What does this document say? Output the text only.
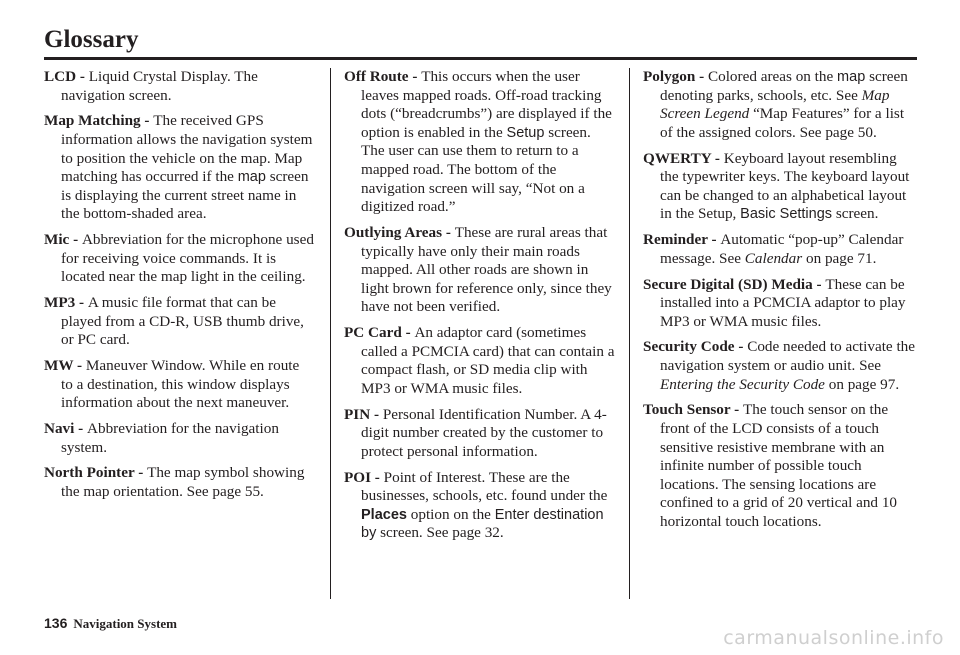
Glossary

LCD - Liquid Crystal Display. The navigation screen.

Map Matching - The received GPS information allows the navigation system to position the vehicle on the map. Map matching has occurred if the map screen is displaying the current street name in the bottom-shaded area.

Mic - Abbreviation for the microphone used for receiving voice commands. It is located near the map light in the ceiling.

MP3 - A music file format that can be played from a CD-R, USB thumb drive, or PC card.

MW - Maneuver Window. While en route to a destination, this window displays information about the next maneuver.

Navi - Abbreviation for the navigation system.

North Pointer - The map symbol showing the map orientation. See page 55.

Off Route - This occurs when the user leaves mapped roads. Off-road tracking dots (“breadcrumbs”) are displayed if the option is enabled in the Setup screen. The user can use them to return to a mapped road. The bottom of the navigation screen will say, “Not on a digitized road.”

Outlying Areas - These are rural areas that typically have only their main roads mapped. All other roads are shown in light brown for reference only, since they have not been verified.

PC Card - An adaptor card (sometimes called a PCMCIA card) that can contain a compact flash, or SD media clip with MP3 or WMA music files.

PIN - Personal Identification Number. A 4-digit number created by the customer to protect personal information.

POI - Point of Interest. These are the businesses, schools, etc. found under the Places option on the Enter destination by screen. See page 32.

Polygon - Colored areas on the map screen denoting parks, schools, etc. See Map Screen Legend “Map Features” for a list of the assigned colors. See page 50.

QWERTY - Keyboard layout resembling the typewriter keys. The keyboard layout can be changed to an alphabetical layout in the Setup, Basic Settings screen.

Reminder - Automatic “pop-up” Calendar message. See Calendar on page 71.

Secure Digital (SD) Media - These can be installed into a PCMCIA adaptor to play MP3 or WMA music files.

Security Code - Code needed to activate the navigation system or audio unit. See Entering the Security Code on page 97.

Touch Sensor - The touch sensor on the front of the LCD consists of a touch sensitive resistive membrane with an infinite number of possible touch locations. The sensing locations are confined to a grid of 20 vertical and 10 horizontal touch locations.

136 Navigation System
carmanualsonline.info
